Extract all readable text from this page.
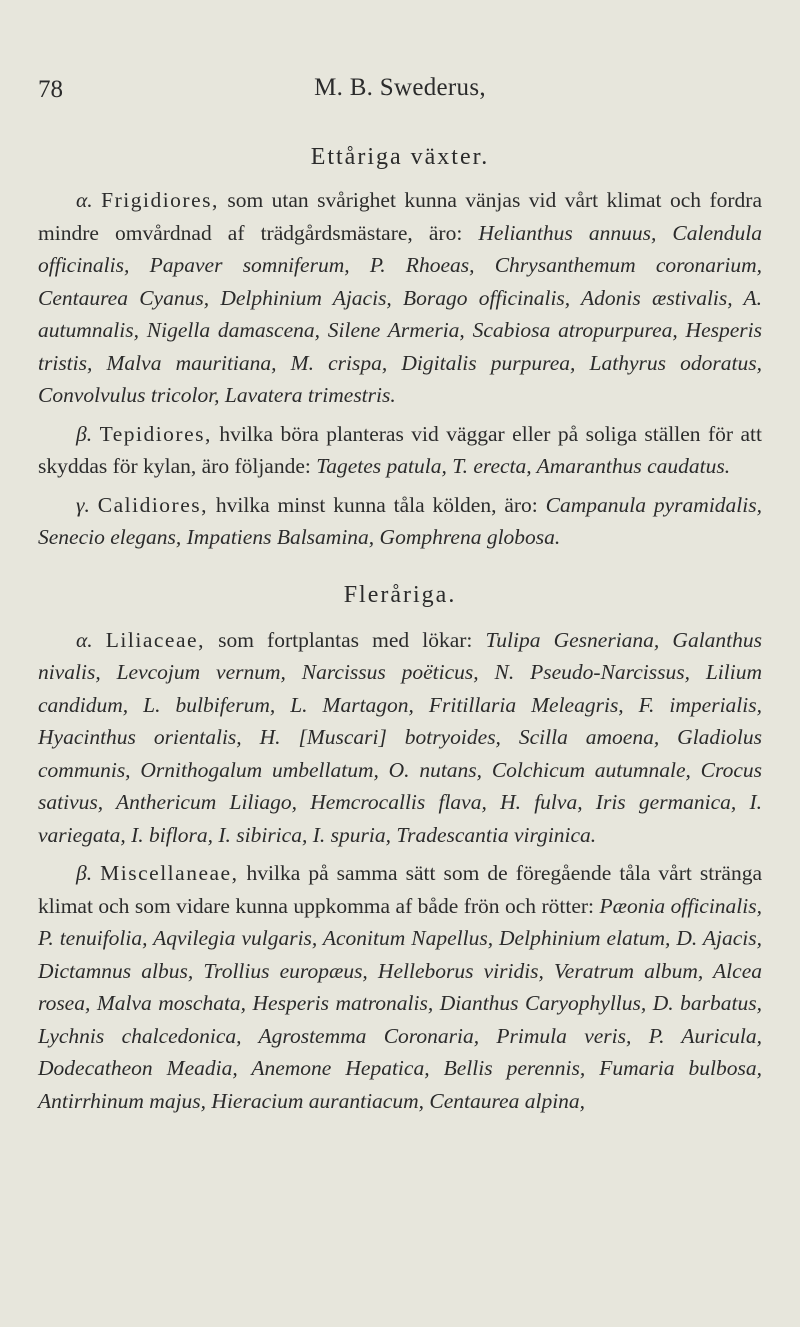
78	M. B. Swederus,
Ettåriga växter.

α. Frigidiores, som utan svårighet kunna vänjas vid vårt klimat och fordra mindre omvårdnad af trädgårdsmästare, äro: Helianthus annuus, Calendula officinalis, Papaver somniferum, P. Rhoeas, Chrysanthemum coronarium, Centaurea Cyanus, Delphinium Ajacis, Borago officinalis, Adonis æstivalis, A. autumnalis, Nigella damascena, Silene Armeria, Scabiosa atropurpurea, Hesperis tristis, Malva mauritiana, M. crispa, Digitalis purpurea, Lathyrus odoratus, Convolvulus tricolor, Lavatera trimestris.

β. Tepidiores, hvilka böra planteras vid väggar eller på soliga ställen för att skyddas för kylan, äro följande: Tagetes patula, T. erecta, Amaranthus caudatus.

γ. Calidiores, hvilka minst kunna tåla kölden, äro: Campanula pyramidalis, Senecio elegans, Impatiens Balsamina, Gomphrena globosa.

Fleråriga.

α. Liliaceae, som fortplantas med lökar: Tulipa Gesneriana, Galanthus nivalis, Levcojum vernum, Narcissus poëticus, N. Pseudo-Narcissus, Lilium candidum, L. bulbiferum, L. Martagon, Fritillaria Meleagris, F. imperialis, Hyacinthus orientalis, H. [Muscari] botryoides, Scilla amoena, Gladiolus communis, Ornithogalum umbellatum, O. nutans, Colchicum autumnale, Crocus sativus, Anthericum Liliago, Hemcrocallis flava, H. fulva, Iris germanica, I. variegata, I. biflora, I. sibirica, I. spuria, Tradescantia virginica.

β. Miscellaneae, hvilka på samma sätt som de föregående tåla vårt stränga klimat och som vidare kunna uppkomma af både frön och rötter: Pæonia officinalis, P. tenuifolia, Aqvilegia vulgaris, Aconitum Napellus, Delphinium elatum, D. Ajacis, Dictamnus albus, Trollius europæus, Helleborus viridis, Veratrum album, Alcea rosea, Malva moschata, Hesperis matronalis, Dianthus Caryophyllus, D. barbatus, Lychnis chalcedonica, Agrostemma Coronaria, Primula veris, P. Auricula, Dodecatheon Meadia, Anemone Hepatica, Bellis perennis, Fumaria bulbosa, Antirrhinum majus, Hieracium aurantiacum, Centaurea alpina,
